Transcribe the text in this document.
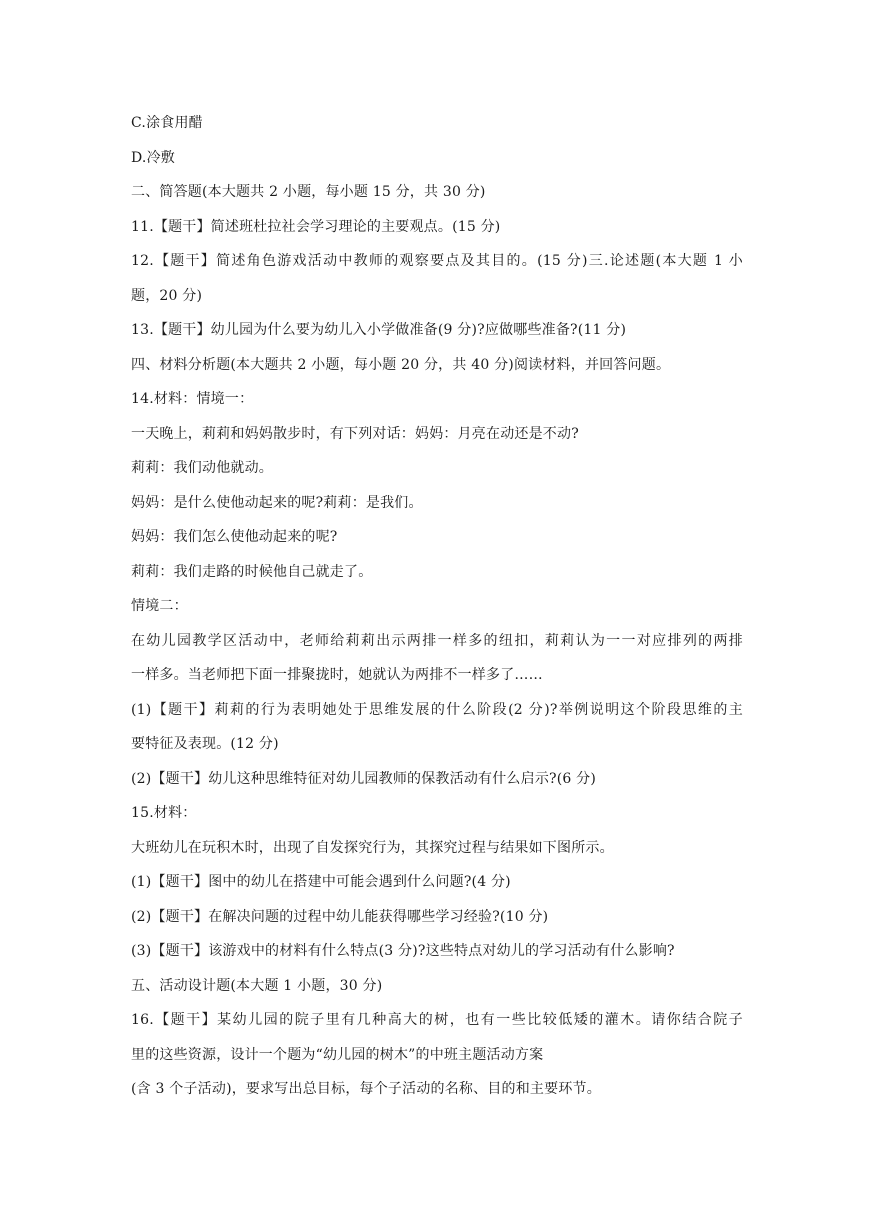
C.涂食用醋
D.冷敷
二、简答题(本大题共 2 小题，每小题 15 分，共 30 分)
11.【题干】简述班杜拉社会学习理论的主要观点。(15 分)
12.【题干】简述角色游戏活动中教师的观察要点及其目的。(15 分)三.论述题(本大题 1 小
题，20 分)
13.【题干】幼儿园为什么要为幼儿入小学做准备(9 分)?应做哪些准备?(11 分)
四、材料分析题(本大题共 2 小题，每小题 20 分，共 40 分)阅读材料，并回答问题。
14.材料：情境一：
一天晚上，莉莉和妈妈散步时，有下列对话：妈妈：月亮在动还是不动?
莉莉：我们动他就动。
妈妈：是什么使他动起来的呢?莉莉：是我们。
妈妈：我们怎么使他动起来的呢?
莉莉：我们走路的时候他自己就走了。
情境二：
在幼儿园教学区活动中，老师给莉莉出示两排一样多的纽扣，莉莉认为一一对应排列的两排
一样多。当老师把下面一排聚拢时，她就认为两排不一样多了……
(1)【题干】莉莉的行为表明她处于思维发展的什么阶段(2 分)?举例说明这个阶段思维的主
要特征及表现。(12 分)
(2)【题干】幼儿这种思维特征对幼儿园教师的保教活动有什么启示?(6 分)
15.材料：
大班幼儿在玩积木时，出现了自发探究行为，其探究过程与结果如下图所示。
(1)【题干】图中的幼儿在搭建中可能会遇到什么问题?(4 分)
(2)【题干】在解决问题的过程中幼儿能获得哪些学习经验?(10 分)
(3)【题干】该游戏中的材料有什么特点(3 分)?这些特点对幼儿的学习活动有什么影响?
五、活动设计题(本大题 1 小题，30 分)
16.【题干】某幼儿园的院子里有几种高大的树，也有一些比较低矮的灌木。请你结合院子
里的这些资源，设计一个题为“幼儿园的树木”的中班主题活动方案
(含 3 个子活动)，要求写出总目标，每个子活动的名称、目的和主要环节。
